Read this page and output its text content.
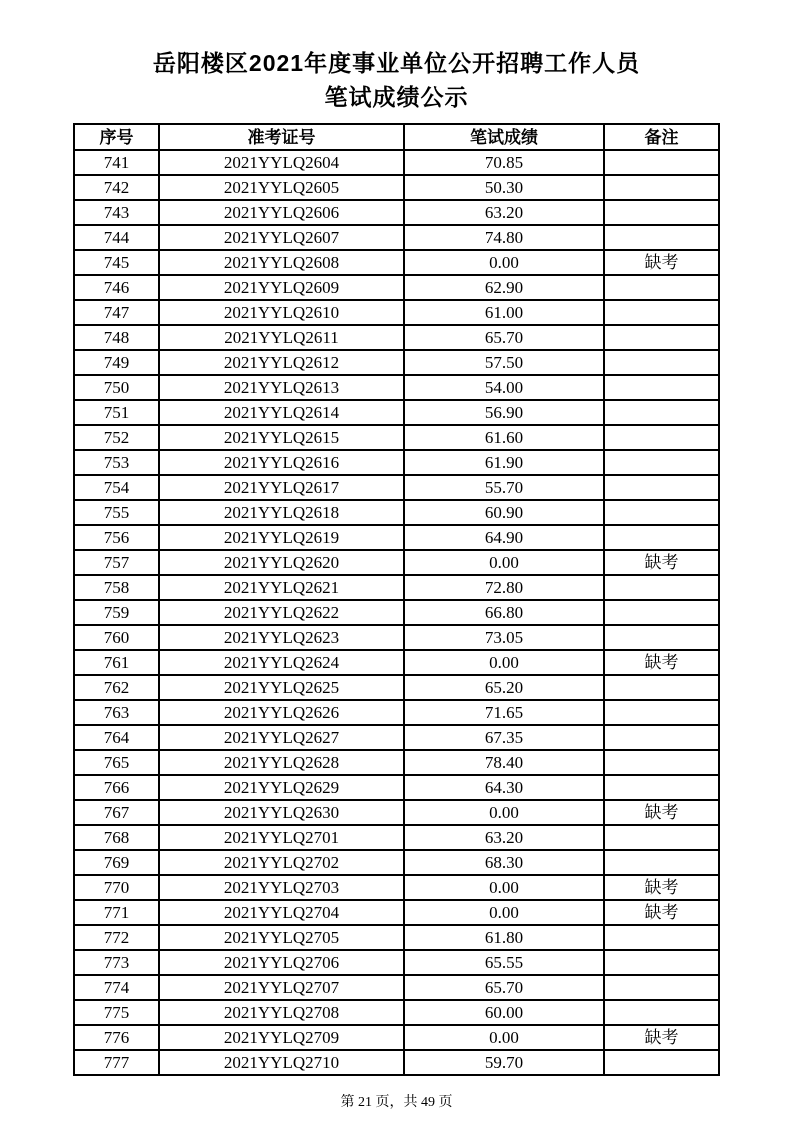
岳阳楼区2021年度事业单位公开招聘工作人员
笔试成绩公示
序号	准考证号	笔试成绩	备注
741	2021YYLQ2604	70.85	
742	2021YYLQ2605	50.30	
743	2021YYLQ2606	63.20	
744	2021YYLQ2607	74.80	
745	2021YYLQ2608	0.00	缺考
746	2021YYLQ2609	62.90	
747	2021YYLQ2610	61.00	
748	2021YYLQ2611	65.70	
749	2021YYLQ2612	57.50	
750	2021YYLQ2613	54.00	
751	2021YYLQ2614	56.90	
752	2021YYLQ2615	61.60	
753	2021YYLQ2616	61.90	
754	2021YYLQ2617	55.70	
755	2021YYLQ2618	60.90	
756	2021YYLQ2619	64.90	
757	2021YYLQ2620	0.00	缺考
758	2021YYLQ2621	72.80	
759	2021YYLQ2622	66.80	
760	2021YYLQ2623	73.05	
761	2021YYLQ2624	0.00	缺考
762	2021YYLQ2625	65.20	
763	2021YYLQ2626	71.65	
764	2021YYLQ2627	67.35	
765	2021YYLQ2628	78.40	
766	2021YYLQ2629	64.30	
767	2021YYLQ2630	0.00	缺考
768	2021YYLQ2701	63.20	
769	2021YYLQ2702	68.30	
770	2021YYLQ2703	0.00	缺考
771	2021YYLQ2704	0.00	缺考
772	2021YYLQ2705	61.80	
773	2021YYLQ2706	65.55	
774	2021YYLQ2707	65.70	
775	2021YYLQ2708	60.00	
776	2021YYLQ2709	0.00	缺考
777	2021YYLQ2710	59.70	
第 21 页，共 49 页
